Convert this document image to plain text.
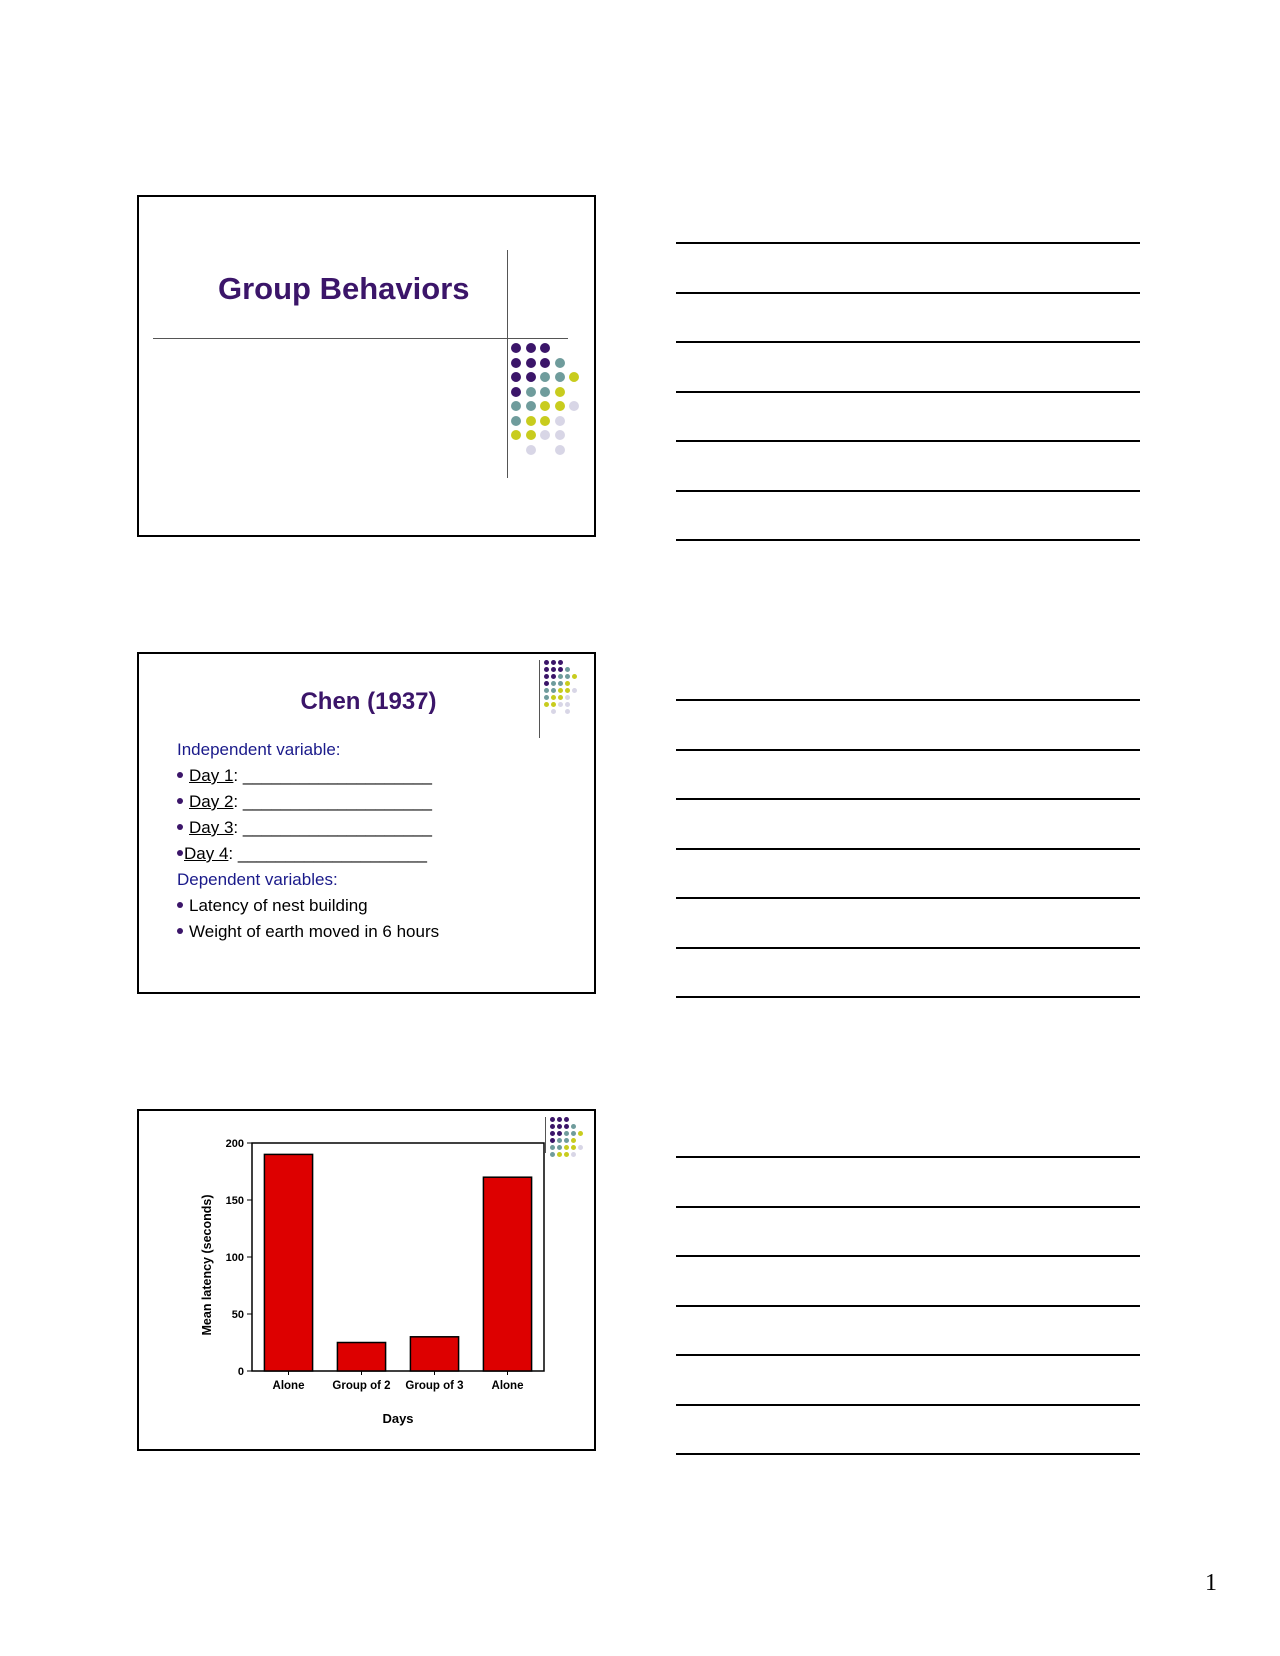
Group Behaviors
Chen (1937)
Independent variable:
Day 1: ____________________
Day 2: ____________________
Day 3: ____________________
Day 4: ____________________
Dependent variables:
Latency of nest building
Weight of earth moved in 6 hours
0
50
100
150
200
Alone Group of 2 Group of 3 Alone
Days
Mean latency (seconds)
1
